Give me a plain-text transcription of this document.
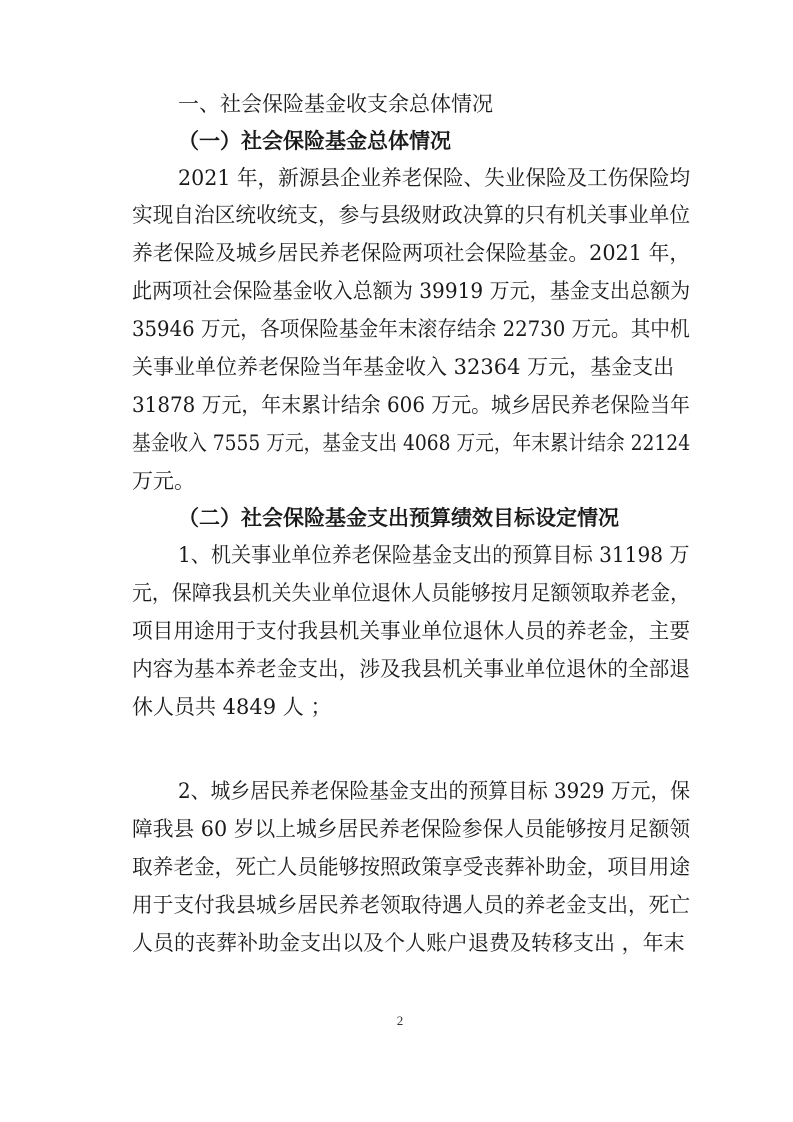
一、社会保险基金收支余总体情况
（一）社会保险基金总体情况
2021 年，新源县企业养老保险、失业保险及工伤保险均
实现自治区统收统支，参与县级财政决算的只有机关事业单位
养老保险及城乡居民养老保险两项社会保险基金。2021 年，
此两项社会保险基金收入总额为 39919 万元，基金支出总额为
35946 万元，各项保险基金年末滚存结余 22730 万元。其中机
关事业单位养老保险当年基金收入 32364 万元，基金支出
31878 万元，年末累计结余 606 万元。城乡居民养老保险当年
基金收入 7555 万元，基金支出 4068 万元，年末累计结余 22124
万元。
（二）社会保险基金支出预算绩效目标设定情况
1、机关事业单位养老保险基金支出的预算目标 31198 万
元，保障我县机关失业单位退休人员能够按月足额领取养老金，
项目用途用于支付我县机关事业单位退休人员的养老金，主要
内容为基本养老金支出，涉及我县机关事业单位退休的全部退
休人员共 4849 人 ；
2、城乡居民养老保险基金支出的预算目标 3929 万元，保
障我县 60 岁以上城乡居民养老保险参保人员能够按月足额领
取养老金，死亡人员能够按照政策享受丧葬补助金，项目用途
用于支付我县城乡居民养老领取待遇人员的养老金支出，死亡
人员的丧葬补助金支出以及个人账户退费及转移支出 ，年末
2
